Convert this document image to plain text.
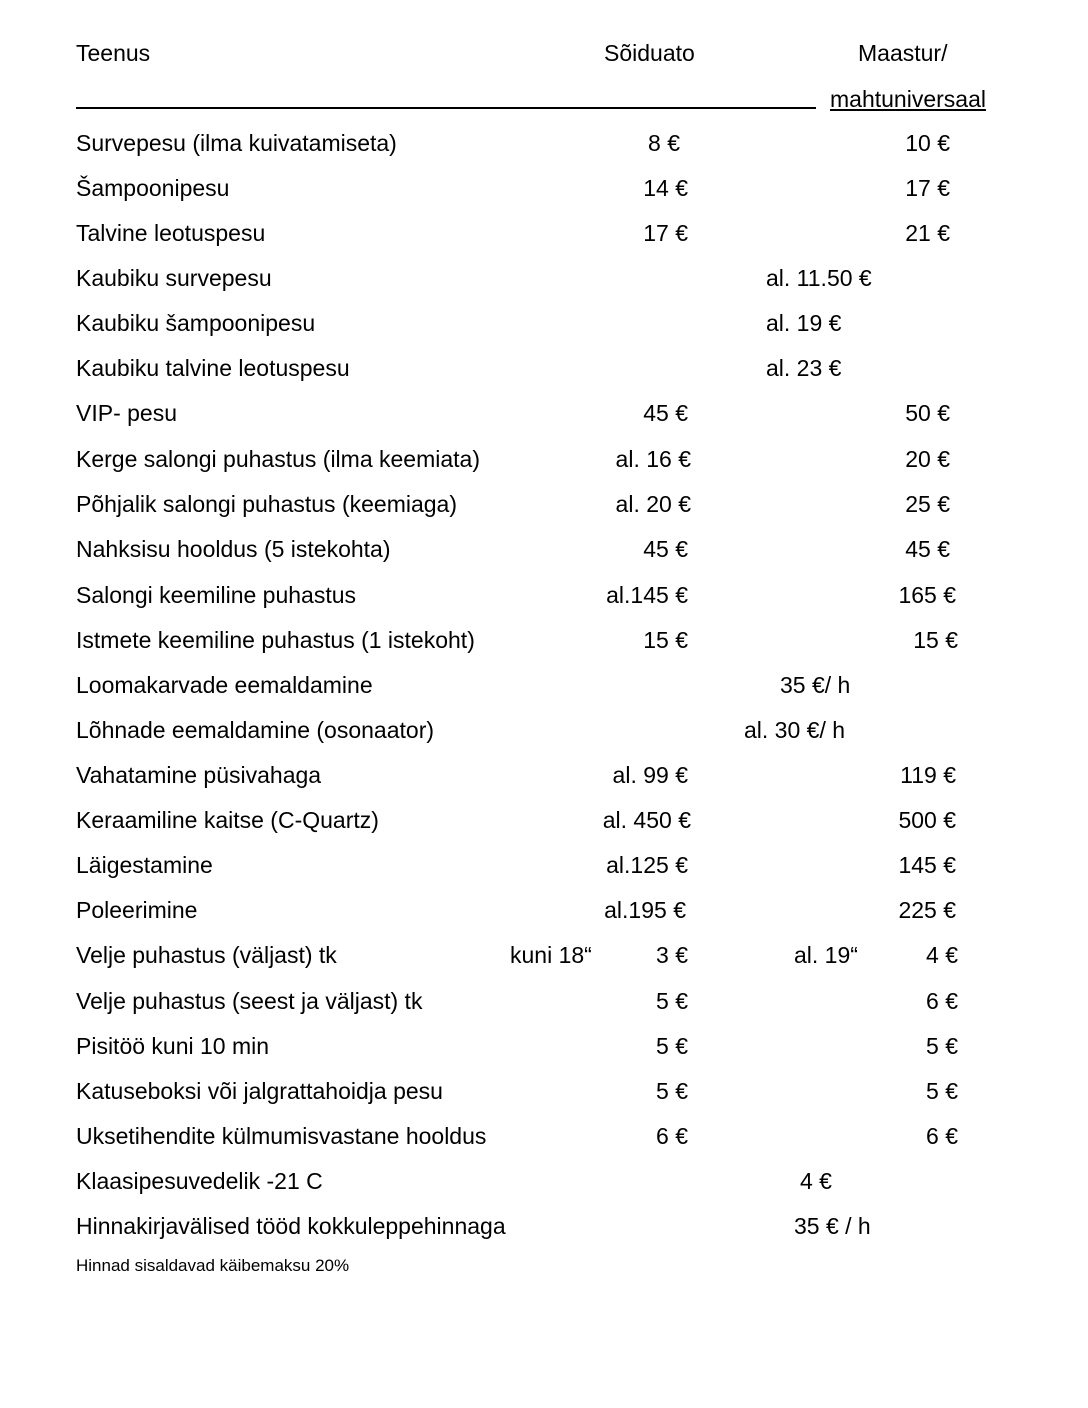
Teenus	Sõiduato	Maastur/
mahtuniversaal
Survepesu (ilma kuivatamiseta)	8 €	10 €
Šampoonipesu	14 €	17 €
Talvine leotuspesu	17 €	21 €
Kaubiku survepesu	al. 11.50 €
Kaubiku šampoonipesu	al. 19 €
Kaubiku talvine leotuspesu	al. 23 €
VIP- pesu	45 €	50 €
Kerge salongi puhastus (ilma keemiata)	al. 16 €	20 €
Põhjalik salongi puhastus (keemiaga)	al. 20 €	25 €
Nahksisu hooldus (5 istekohta)	45 €	45 €
Salongi keemiline puhastus	al.145 €	165 €
Istmete keemiline puhastus (1 istekoht)	15 €	15 €
Loomakarvade eemaldamine	35 €/ h
Lõhnade eemaldamine (osonaator)	al. 30 €/ h
Vahatamine püsivahaga	al. 99 €	119 €
Keraamiline kaitse (C-Quartz)	al. 450 €	500 €
Läigestamine	al.125 €	145 €
Poleerimine	al.195 €	225 €
Velje puhastus (väljast) tk	kuni 18“	3 €	al. 19“	4 €
Velje puhastus (seest ja väljast) tk	5 €	6 €
Pisitöö kuni 10 min	5 €	5 €
Katuseboksi või jalgrattahoidja pesu	5 €	5 €
Uksetihendite külmumisvastane hooldus	6 €	6 €
Klaasipesuvedelik -21 C	4 €
Hinnakirjavälised tööd kokkuleppehinnaga	35 € / h
Hinnad sisaldavad käibemaksu 20%
